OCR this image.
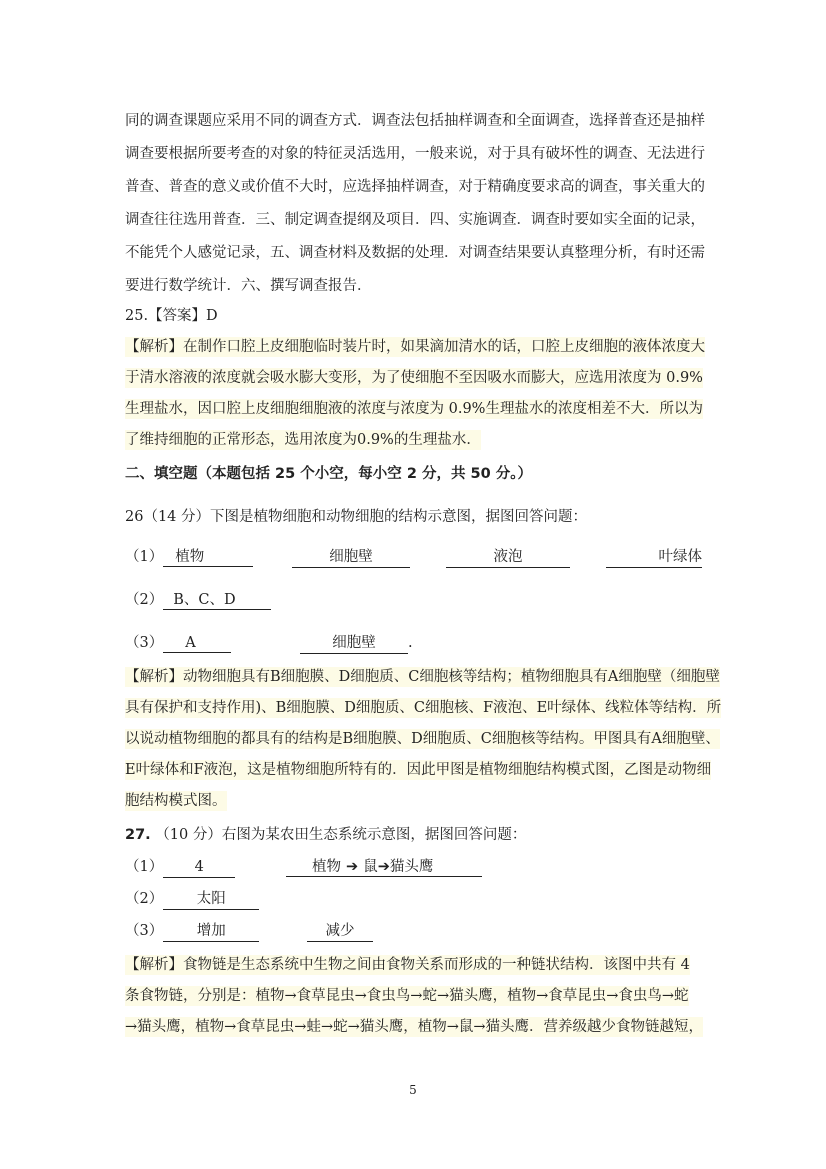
同的调查课题应采用不同的调查方式．调查法包括抽样调查和全面调查，选择普查还是抽样
调查要根据所要考查的对象的特征灵活选用，一般来说，对于具有破坏性的调查、无法进行
普查、普查的意义或价值不大时，应选择抽样调查，对于精确度要求高的调查，事关重大的
调查往往选用普查．三、制定调查提纲及项目．四、实施调查．调查时要如实全面的记录，
不能凭个人感觉记录，五、调查材料及数据的处理．对调查结果要认真整理分析，有时还需
要进行数学统计．六、撰写调查报告．
25.【答案】D
【解析】在制作口腔上皮细胞临时装片时，如果滴加清水的话，口腔上皮细胞的液体浓度大
于清水溶液的浓度就会吸水膨大变形，为了使细胞不至因吸水而膨大，应选用浓度为 0.9%
生理盐水，因口腔上皮细胞细胞液的浓度与浓度为 0.9%生理盐水的浓度相差不大．所以为
了维持细胞的正常形态，选用浓度为0.9%的生理盐水．
二、填空题（本题包括 25 个小空，每小空 2 分，共 50 分。）
26（14 分）下图是植物细胞和动物细胞的结构示意图，据图回答问题：
（1） 植物	细胞壁	液泡	叶绿体
（2） B、C、D
（3） A	细胞壁 .
【解析】动物细胞具有B细胞膜、D细胞质、C细胞核等结构；植物细胞具有A细胞壁（细胞壁
具有保护和支持作用)、B细胞膜、D细胞质、C细胞核、F液泡、E叶绿体、线粒体等结构．所
以说动植物细胞的都具有的结构是B细胞膜、D细胞质、C细胞核等结构。甲图具有A细胞壁、
E叶绿体和F液泡，这是植物细胞所特有的．因此甲图是植物细胞结构模式图，乙图是动物细
胞结构模式图。
27. （10 分）右图为某农田生态系统示意图，据图回答问题：
（1） 4	植物 ➔ 鼠➔猫头鹰
（2） 太阳
（3） 增加	减少
【解析】食物链是生态系统中生物之间由食物关系而形成的一种链状结构．该图中共有 4
条食物链，分别是：植物→食草昆虫→食虫鸟→蛇→猫头鹰，植物→食草昆虫→食虫鸟→蛇
→猫头鹰，植物→食草昆虫→蛙→蛇→猫头鹰，植物→鼠→猫头鹰．营养级越少食物链越短，
5
